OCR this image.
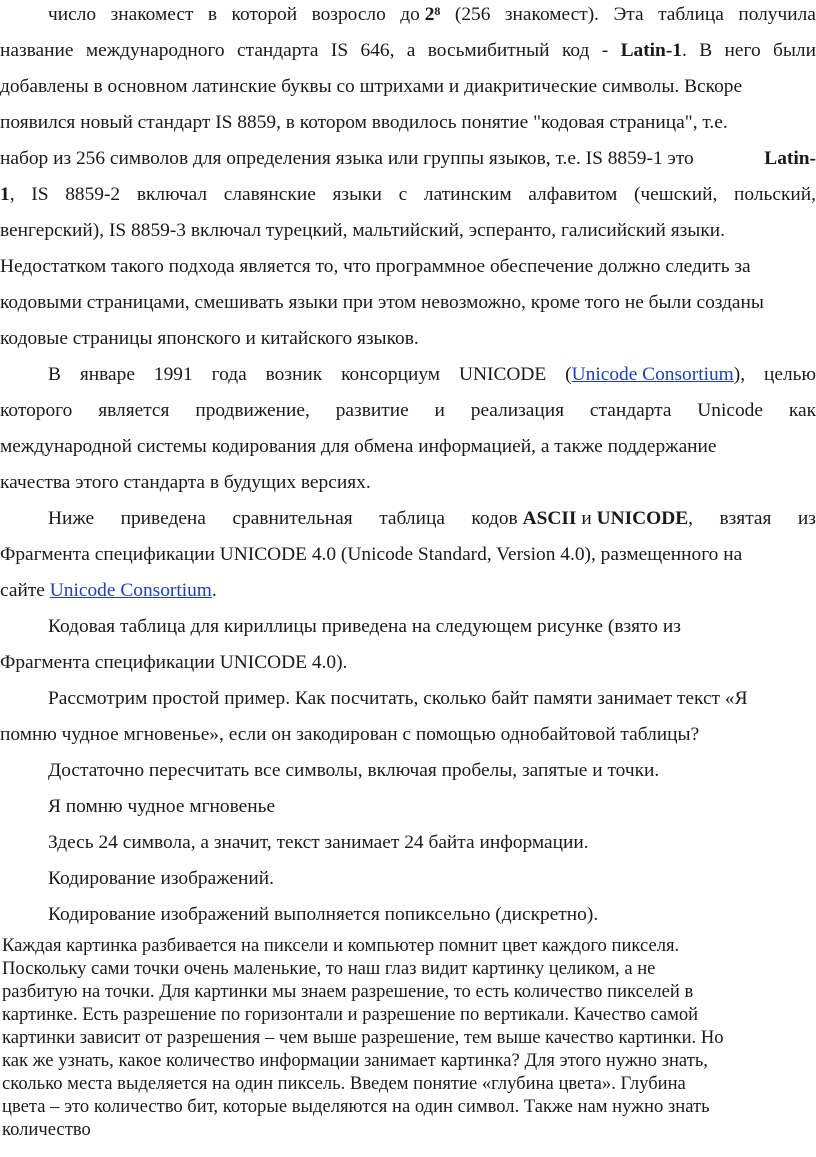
число знакомест в которой возросло до $2^8$ (256 знакомест). Эта таблица получила
название международного стандарта IS 646, а восьмибитный код - Latin-1. В него были
добавлены в основном латинские буквы со штрихами и диакритические символы. Вскоре
появился новый стандарт IS 8859, в котором вводилось понятие "кодовая страница", т.е.
набор из 256 символов для определения языка или группы языков, т.е. IS 8859-1 это	Latin-
1, IS 8859-2 включал славянские языки с латинским алфавитом (чешский, польский,
венгерский), IS 8859-3 включал турецкий, мальтийский, эсперанто, галисийский языки.
Недостатком такого подхода является то, что программное обеспечение должно следить за
кодовыми страницами, смешивать языки при этом невозможно, кроме того не были созданы
кодовые страницы японского и китайского языков.
В январе 1991 года возник консорциум UNICODE (Unicode Consortium), целью
которого является продвижение, развитие и реализация стандарта Unicode как
международной системы кодирования для обмена информацией, а также поддержание
качества этого стандарта в будущих версиях.
Ниже приведена сравнительная таблица кодов ASCII и UNICODE, взятая из
Фрагмента спецификации UNICODE 4.0 (Unicode Standard, Version 4.0), размещенного на
сайте Unicode Consortium.
Кодовая таблица для кириллицы приведена на следующем рисунке (взято из
Фрагмента спецификации UNICODE 4.0).
Рассмотрим простой пример. Как посчитать, сколько байт памяти занимает текст «Я
помню чудное мгновенье», если он закодирован с помощью однобайтовой таблицы?
Достаточно пересчитать все символы, включая пробелы, запятые и точки.
Я помню чудное мгновенье
Здесь 24 символа, а значит, текст занимает 24 байта информации.
Кодирование изображений.
Кодирование изображений выполняется попиксельно (дискретно).
Каждая картинка разбивается на пиксели и компьютер помнит цвет каждого пикселя.
Поскольку сами точки очень маленькие, то наш глаз видит картинку целиком, а не
разбитую на точки. Для картинки мы знаем разрешение, то есть количество пикселей в
картинке. Есть разрешение по горизонтали и разрешение по вертикали. Качество самой
картинки зависит от разрешения – чем выше разрешение, тем выше качество картинки. Но
как же узнать, какое количество информации занимает картинка? Для этого нужно знать,
сколько места выделяется на один пиксель. Введем понятие «глубина цвета». Глубина
цвета – это количество бит, которые выделяются на один символ. Также нам нужно знать
количество
